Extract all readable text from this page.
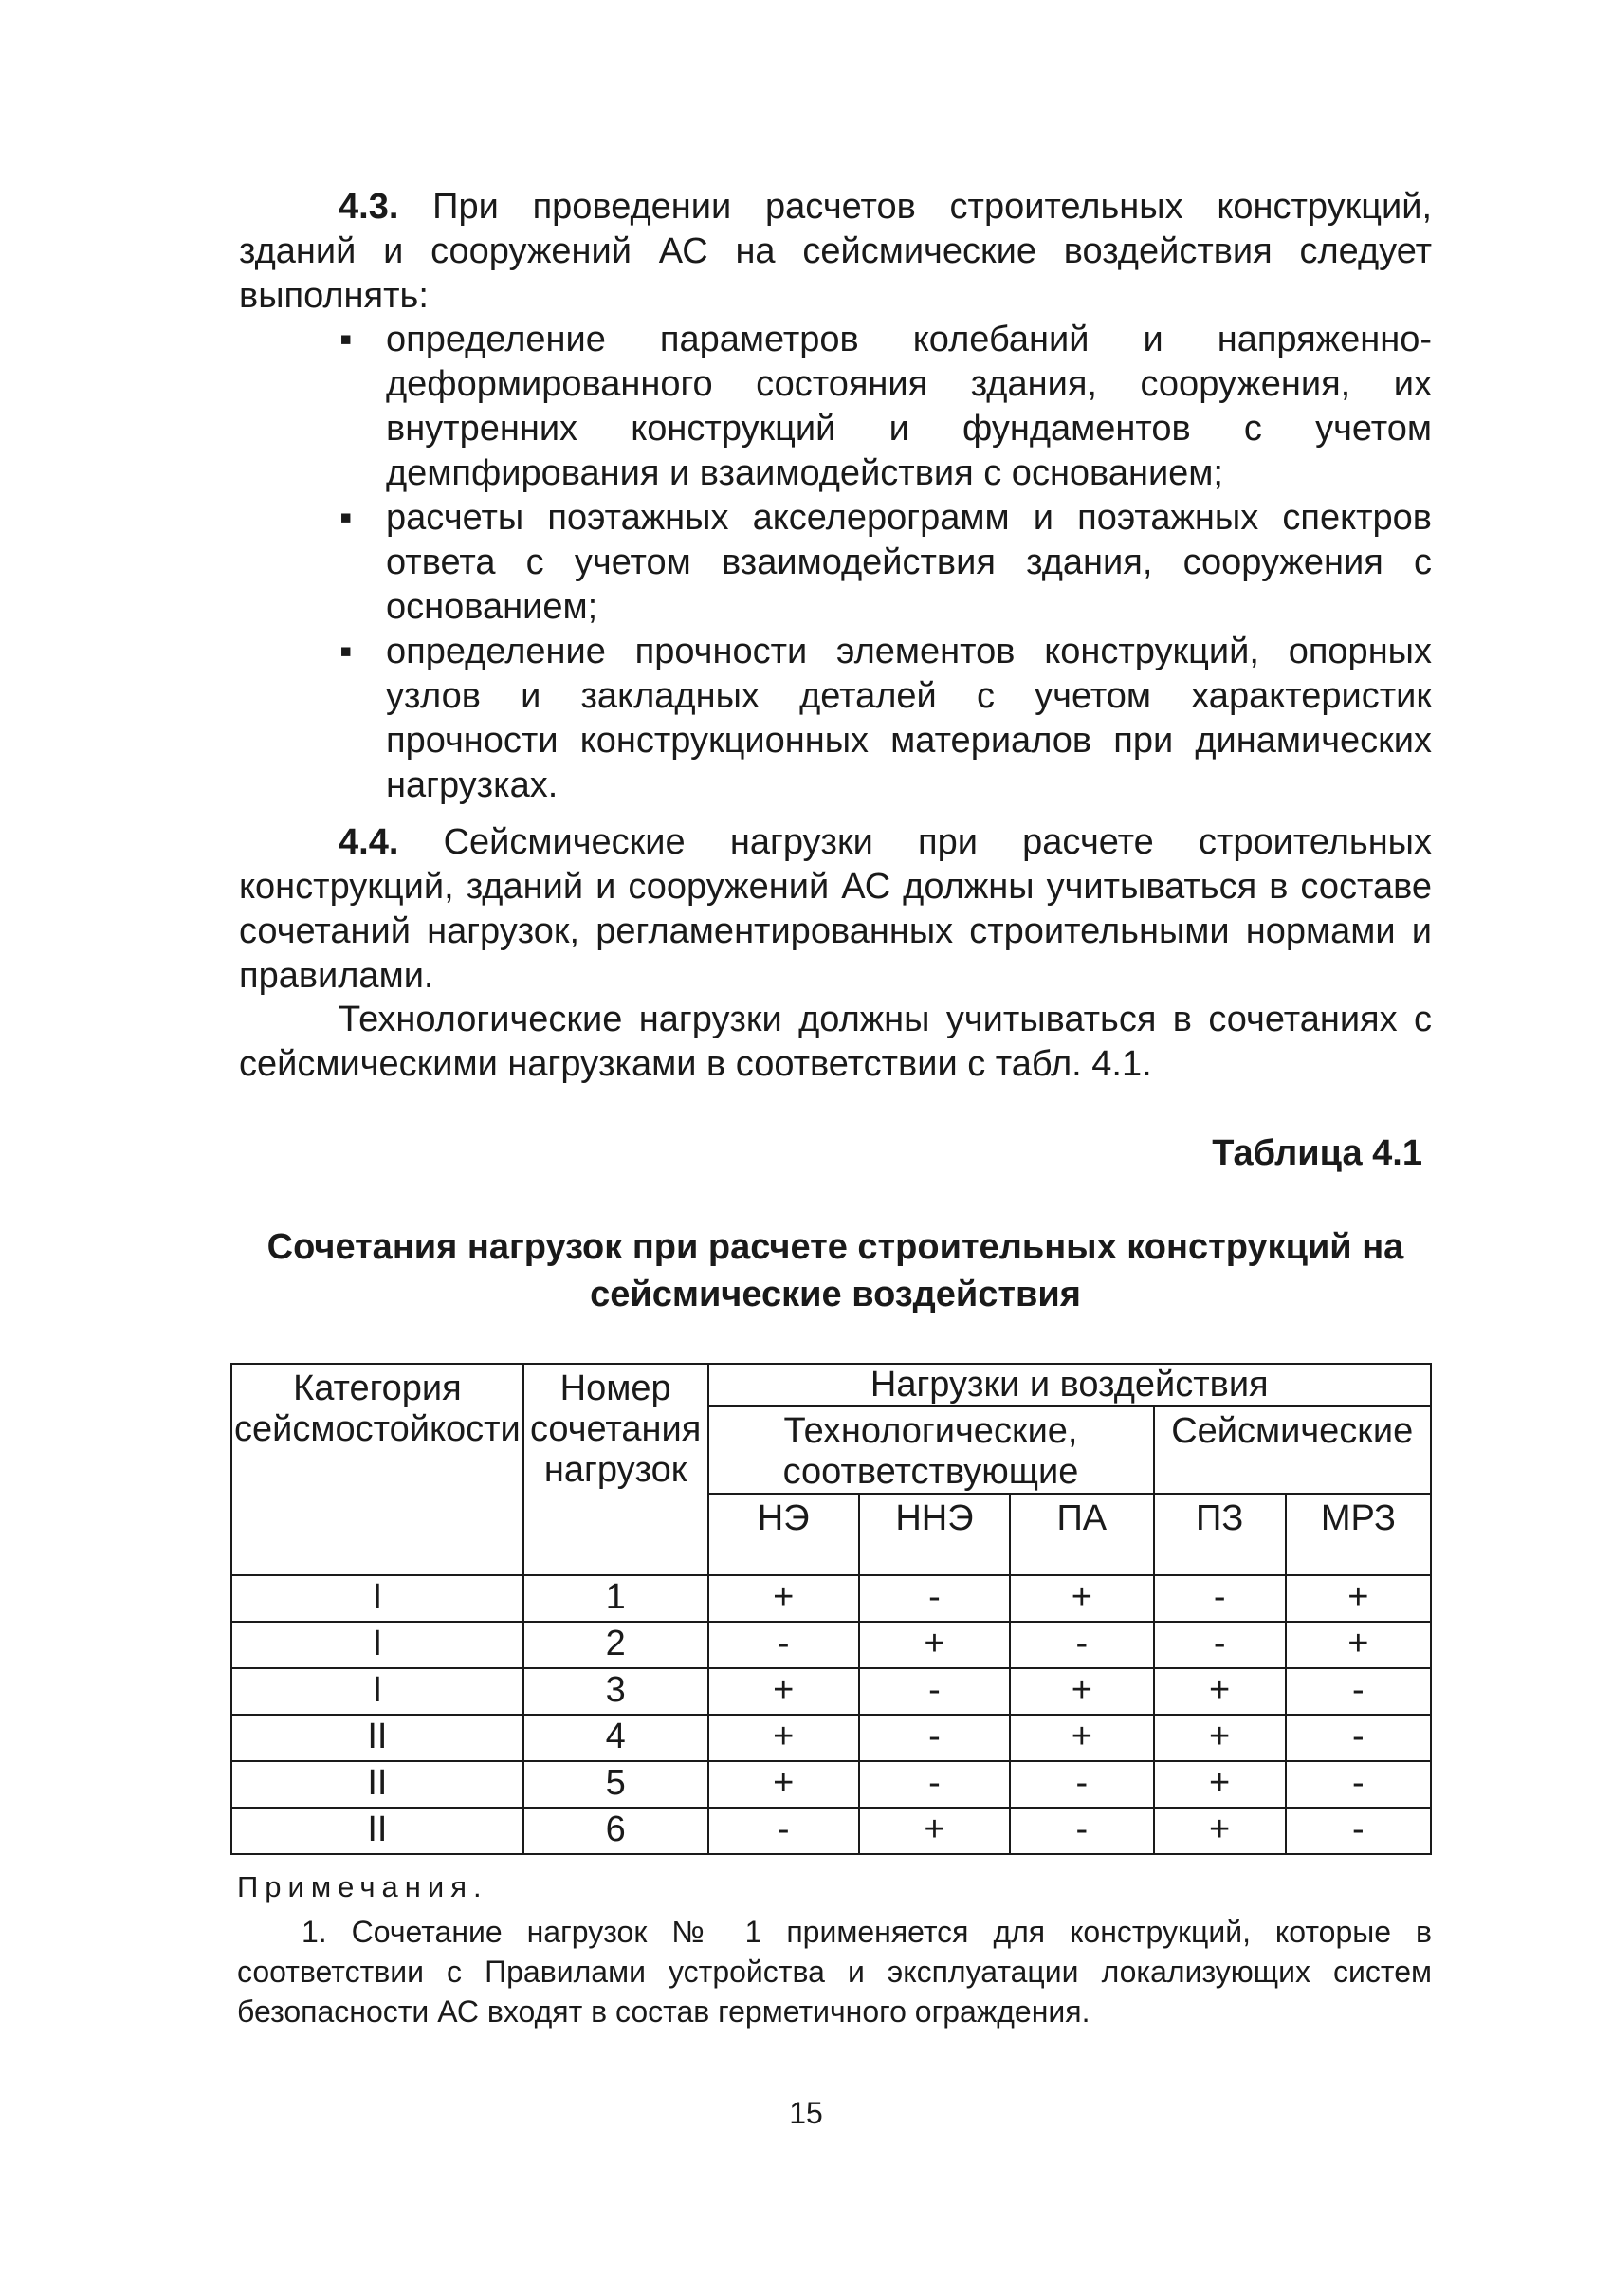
4.3. При проведении расчетов строительных конструкций, зданий и сооружений АС на сейсмические воздействия следует выполнять:

▪ определение параметров колебаний и напряженно-деформированного состояния здания, сооружения, их внутренних конструкций и фундаментов с учетом демпфирования и взаимодействия с основанием;
▪ расчеты поэтажных акселерограмм и поэтажных спектров ответа с учетом взаимодействия здания, сооружения с основанием;
▪ определение прочности элементов конструкций, опорных узлов и закладных деталей с учетом характеристик прочности конструкционных материалов при динамических нагрузках.

4.4. Сейсмические нагрузки при расчете строительных конструкций, зданий и сооружений АС должны учитываться в составе сочетаний нагрузок, регламентированных строительными нормами и правилами.

Технологические нагрузки должны учитываться в сочетаниях с сейсмическими нагрузками в соответствии с табл. 4.1.

Таблица 4.1

Сочетания нагрузок при расчете строительных конструкций на сейсмические воздействия

Категория сейсмостойкости	Номер сочетания нагрузок	Нагрузки и воздействия				
		Технологические, соответствующие			Сейсмические	
		НЭ	ННЭ	ПА	ПЗ	МРЗ
I	1	+	-	+	-	+
I	2	-	+	-	-	+
I	3	+	-	+	+	-
II	4	+	-	+	+	-
II	5	+	-	-	+	-
II	6	-	+	-	+	-

Примечания.

1. Сочетание нагрузок № 1 применяется для конструкций, которые в соответствии с Правилами устройства и эксплуатации локализующих систем безопасности АС входят в состав герметичного ограждения.

15
